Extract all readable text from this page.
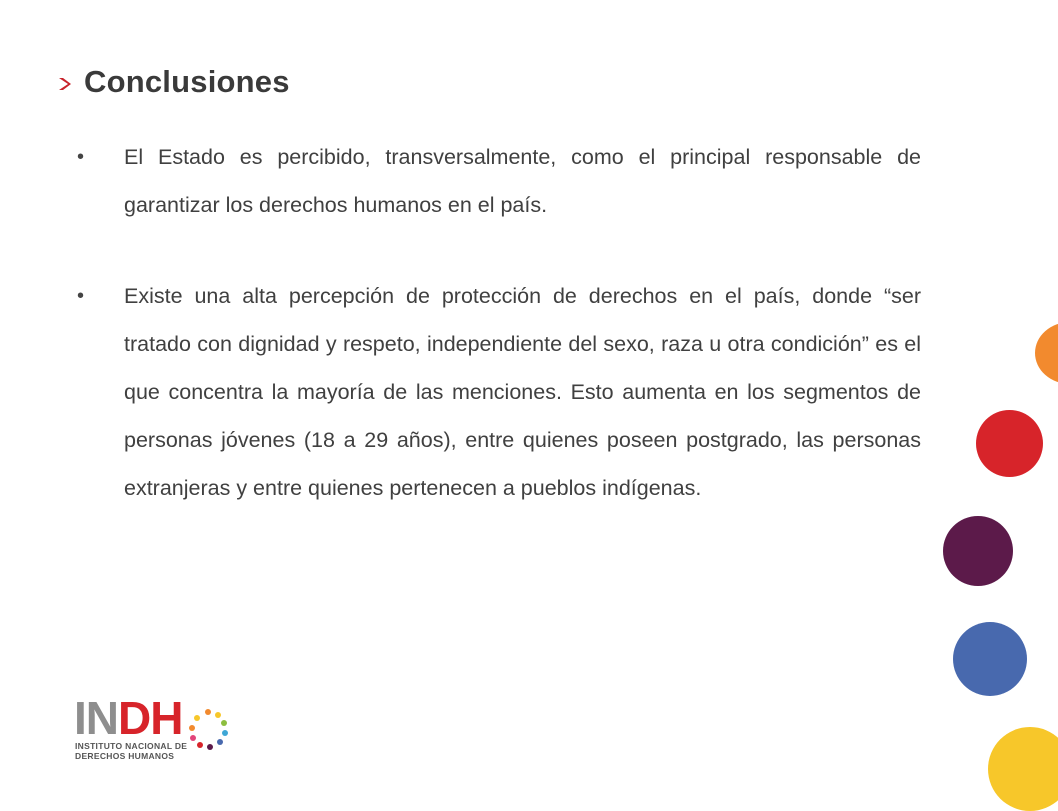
Conclusiones
•	El Estado es percibido, transversalmente, como el principal responsable de garantizar los derechos humanos en el país.
•	Existe una alta percepción de protección de derechos en el país, donde “ser tratado con dignidad y respeto, independiente del sexo, raza u otra condición” es el que concentra la mayoría de las menciones. Esto aumenta en los segmentos de personas jóvenes (18 a 29 años), entre quienes poseen postgrado, las personas extranjeras y entre quienes pertenecen a pueblos indígenas.
INDH
INSTITUTO NACIONAL DE
DERECHOS HUMANOS
